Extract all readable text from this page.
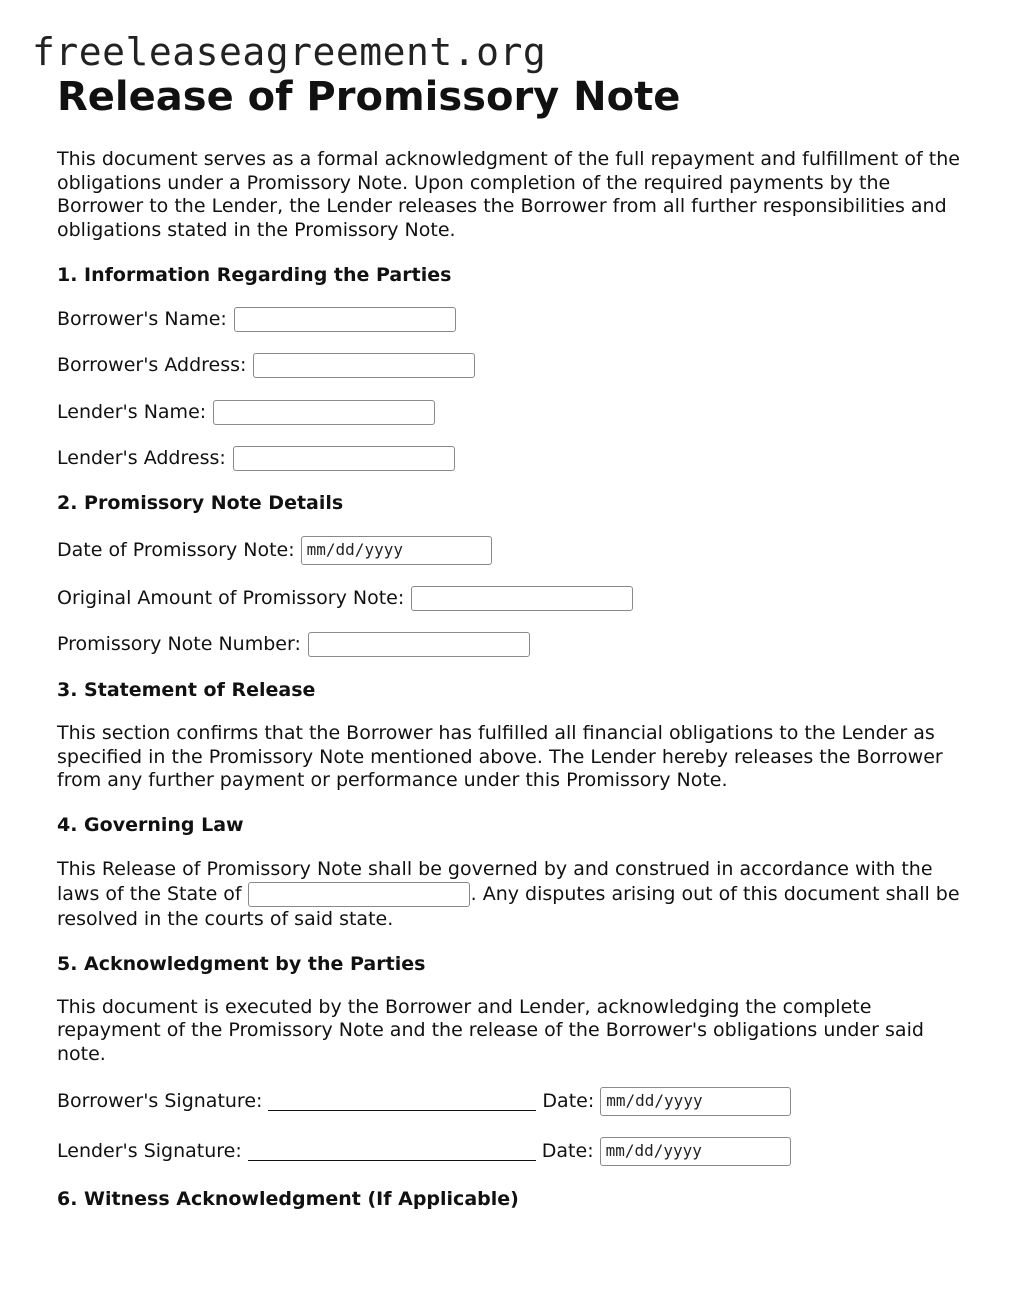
freeleaseagreement.org
Release of Promissory Note

This document serves as a formal acknowledgment of the full repayment and fulfillment of the obligations under a Promissory Note. Upon completion of the required payments by the Borrower to the Lender, the Lender releases the Borrower from all further responsibilities and obligations stated in the Promissory Note.

1. Information Regarding the Parties
Borrower's Name:
Borrower's Address:
Lender's Name:
Lender's Address:
2. Promissory Note Details
Date of Promissory Note: mm/dd/yyyy
Original Amount of Promissory Note:
Promissory Note Number:
3. Statement of Release

This section confirms that the Borrower has fulfilled all financial obligations to the Lender as specified in the Promissory Note mentioned above. The Lender hereby releases the Borrower from any further payment or performance under this Promissory Note.

4. Governing Law

This Release of Promissory Note shall be governed by and construed in accordance with the laws of the State of	. Any disputes arising out of this document shall be resolved in the courts of said state.

5. Acknowledgment by the Parties

This document is executed by the Borrower and Lender, acknowledging the complete repayment of the Promissory Note and the release of the Borrower's obligations under said note.

Borrower's Signature:	Date: mm/dd/yyyy
Lender's Signature:	Date: mm/dd/yyyy
6. Witness Acknowledgment (If Applicable)
